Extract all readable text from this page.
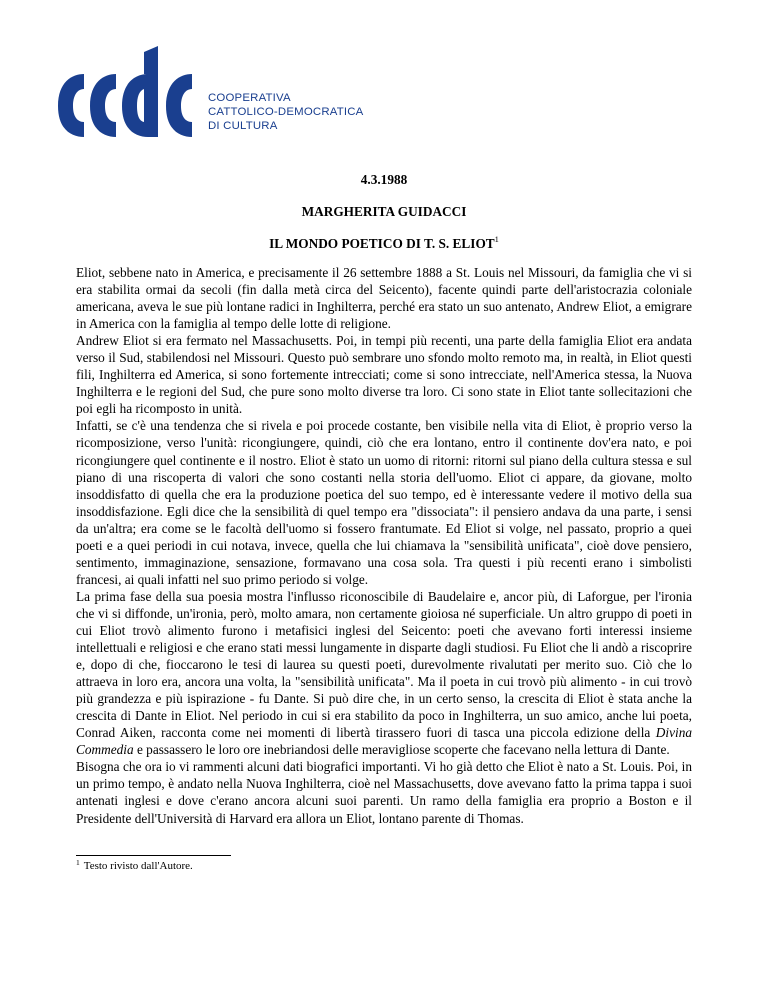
COOPERATIVA
CATTOLICO-DEMOCRATICA
DI CULTURA
4.3.1988
MARGHERITA GUIDACCI
IL MONDO POETICO DI T. S. ELIOT$^1$

Eliot, sebbene nato in America, e precisamente il 26 settembre 1888 a St. Louis nel Missouri, da famiglia che vi si era stabilita ormai da secoli (fin dalla metà circa del Seicento), facente quindi parte dell'aristocrazia coloniale americana, aveva le sue più lontane radici in Inghilterra, perché era stato un suo antenato, Andrew Eliot, a emigrare in America con la famiglia al tempo delle lotte di religione.

Andrew Eliot si era fermato nel Massachusetts. Poi, in tempi più recenti, una parte della famiglia Eliot era andata verso il Sud, stabilendosi nel Missouri. Questo può sembrare uno sfondo molto remoto ma, in realtà, in Eliot questi fili, Inghilterra ed America, si sono fortemente intrecciati; come si sono intrecciate, nell'America stessa, la Nuova Inghilterra e le regioni del Sud, che pure sono molto diverse tra loro. Ci sono state in Eliot tante sollecitazioni che poi egli ha ricomposto in unità.

Infatti, se c'è una tendenza che si rivela e poi procede costante, ben visibile nella vita di Eliot, è proprio verso la ricomposizione, verso l'unità: ricongiungere, quindi, ciò che era lontano, entro il continente dov'era nato, e poi ricongiungere quel continente e il nostro. Eliot è stato un uomo di ritorni: ritorni sul piano della cultura stessa e sul piano di una riscoperta di valori che sono costanti nella storia dell'uomo. Eliot ci appare, da giovane, molto insoddisfatto di quella che era la produzione poetica del suo tempo, ed è interessante vedere il motivo della sua insoddisfazione. Egli dice che la sensibilità di quel tempo era "dissociata": il pensiero andava da una parte, i sensi da un'altra; era come se le facoltà dell'uomo si fossero frantumate. Ed Eliot si volge, nel passato, proprio a quei poeti e a quei periodi in cui notava, invece, quella che lui chiamava la "sensibilità unificata", cioè dove pensiero, sentimento, immaginazione, sensazione, formavano una cosa sola. Tra questi i più recenti erano i simbolisti francesi, ai quali infatti nel suo primo periodo si volge.

La prima fase della sua poesia mostra l'influsso riconoscibile di Baudelaire e, ancor più, di Laforgue, per l'ironia che vi si diffonde, un'ironia, però, molto amara, non certamente gioiosa né superficiale. Un altro gruppo di poeti in cui Eliot trovò alimento furono i metafisici inglesi del Seicento: poeti che avevano forti interessi insieme intellettuali e religiosi e che erano stati messi lungamente in disparte dagli studiosi. Fu Eliot che li andò a riscoprire e, dopo di che, fioccarono le tesi di laurea su questi poeti, durevolmente rivalutati per merito suo. Ciò che lo attraeva in loro era, ancora una volta, la "sensibilità unificata". Ma il poeta in cui trovò più alimento - in cui trovò più grandezza e più ispirazione - fu Dante. Si può dire che, in un certo senso, la crescita di Eliot è stata anche la crescita di Dante in Eliot. Nel periodo in cui si era stabilito da poco in Inghilterra, un suo amico, anche lui poeta, Conrad Aiken, racconta come nei momenti di libertà tirassero fuori di tasca una piccola edizione della Divina Commedia e passassero le loro ore inebriandosi delle meravigliose scoperte che facevano nella lettura di Dante.

Bisogna che ora io vi rammenti alcuni dati biografici importanti. Vi ho già detto che Eliot è nato a St. Louis. Poi, in un primo tempo, è andato nella Nuova Inghilterra, cioè nel Massachusetts, dove avevano fatto la prima tappa i suoi antenati inglesi e dove c'erano ancora alcuni suoi parenti. Un ramo della famiglia era proprio a Boston e il Presidente dell'Università di Harvard era allora un Eliot, lontano parente di Thomas.

$^1$ Testo rivisto dall'Autore.
